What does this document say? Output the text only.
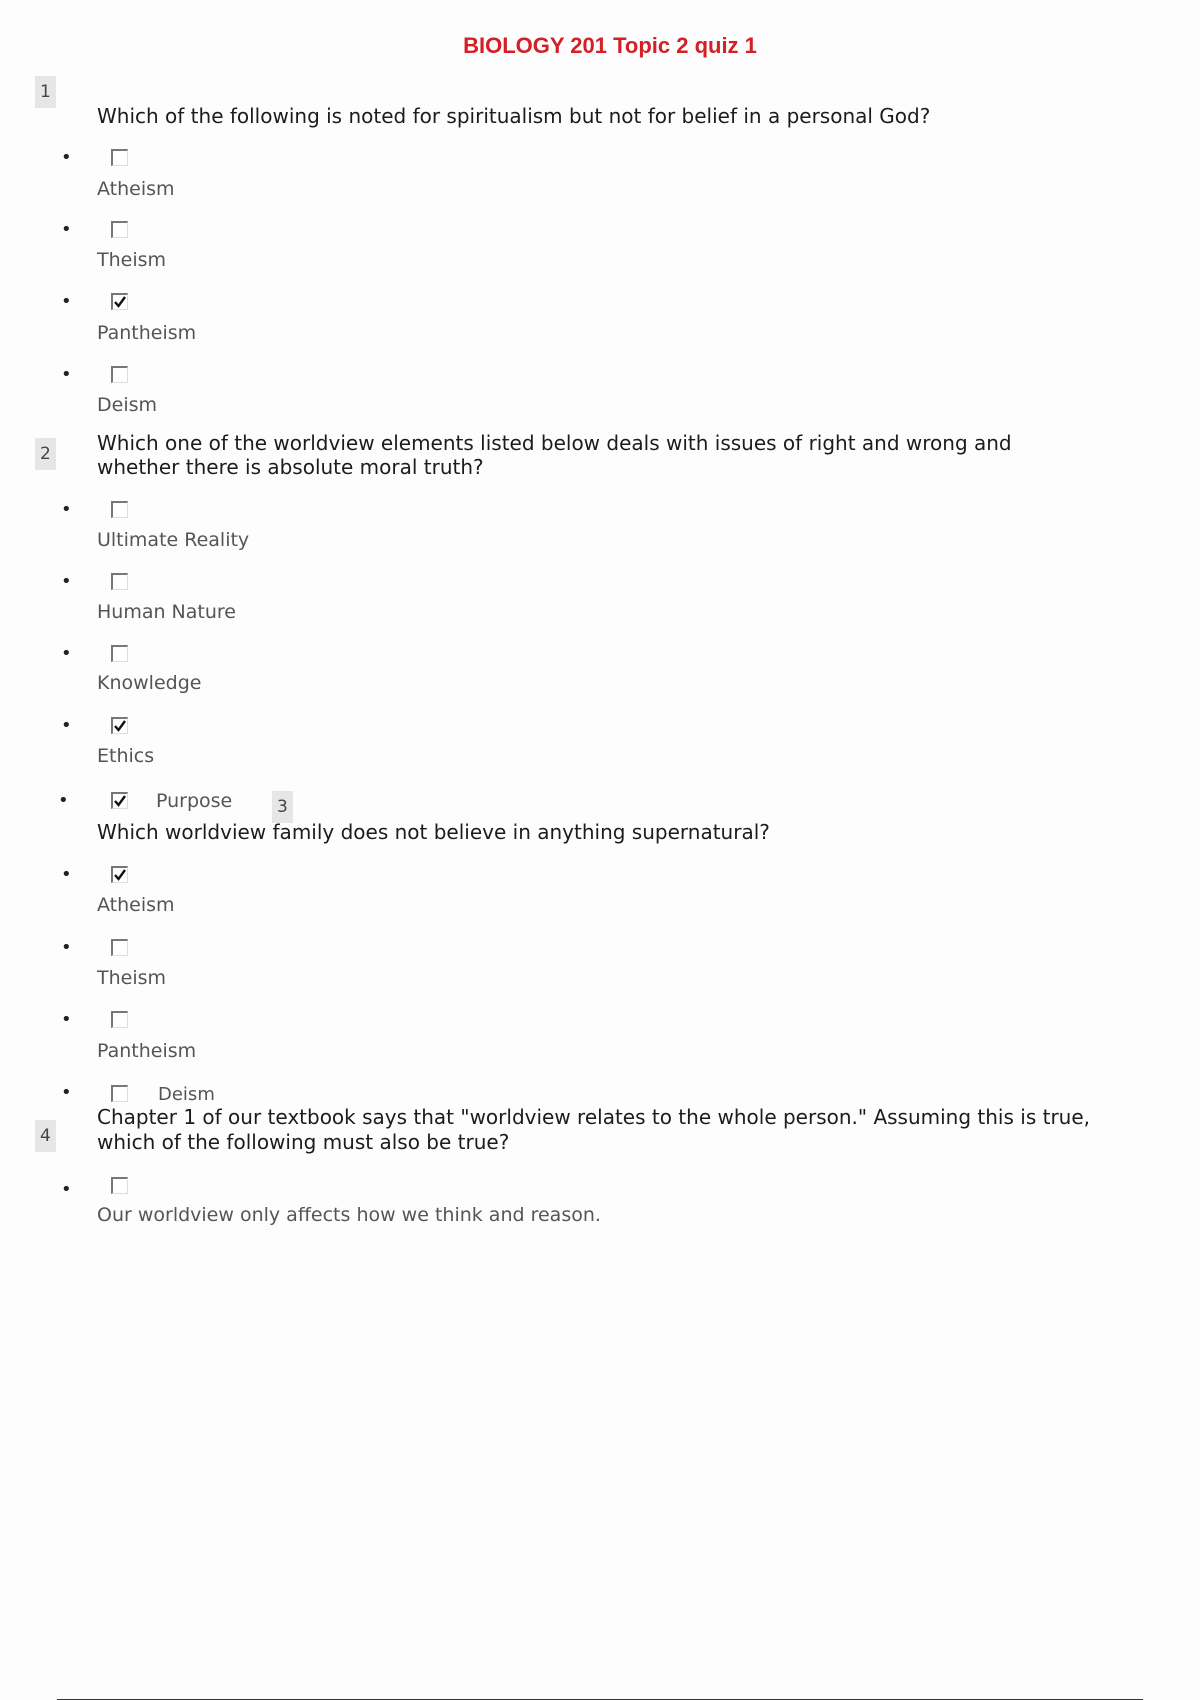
BIOLOGY 201 Topic 2 quiz 1
1
Which of the following is noted for spiritualism but not for belief in a personal God?
•
Atheism
•
Theism
•
Pantheism
•
Deism
2 Which one of the worldview elements listed below deals with issues of right and wrong and
whether there is absolute moral truth?
•
Ultimate Reality
•
Human Nature
•
Knowledge
•
Ethics
•
Purpose	3
Which worldview family does not believe in anything supernatural?
•
Atheism
•
Theism
•
Pantheism
•
Deism
4
Chapter 1 of our textbook says that "worldview relates to the whole person." Assuming this is true,
which of the following must also be true?
•
Our worldview only affects how we think and reason.
